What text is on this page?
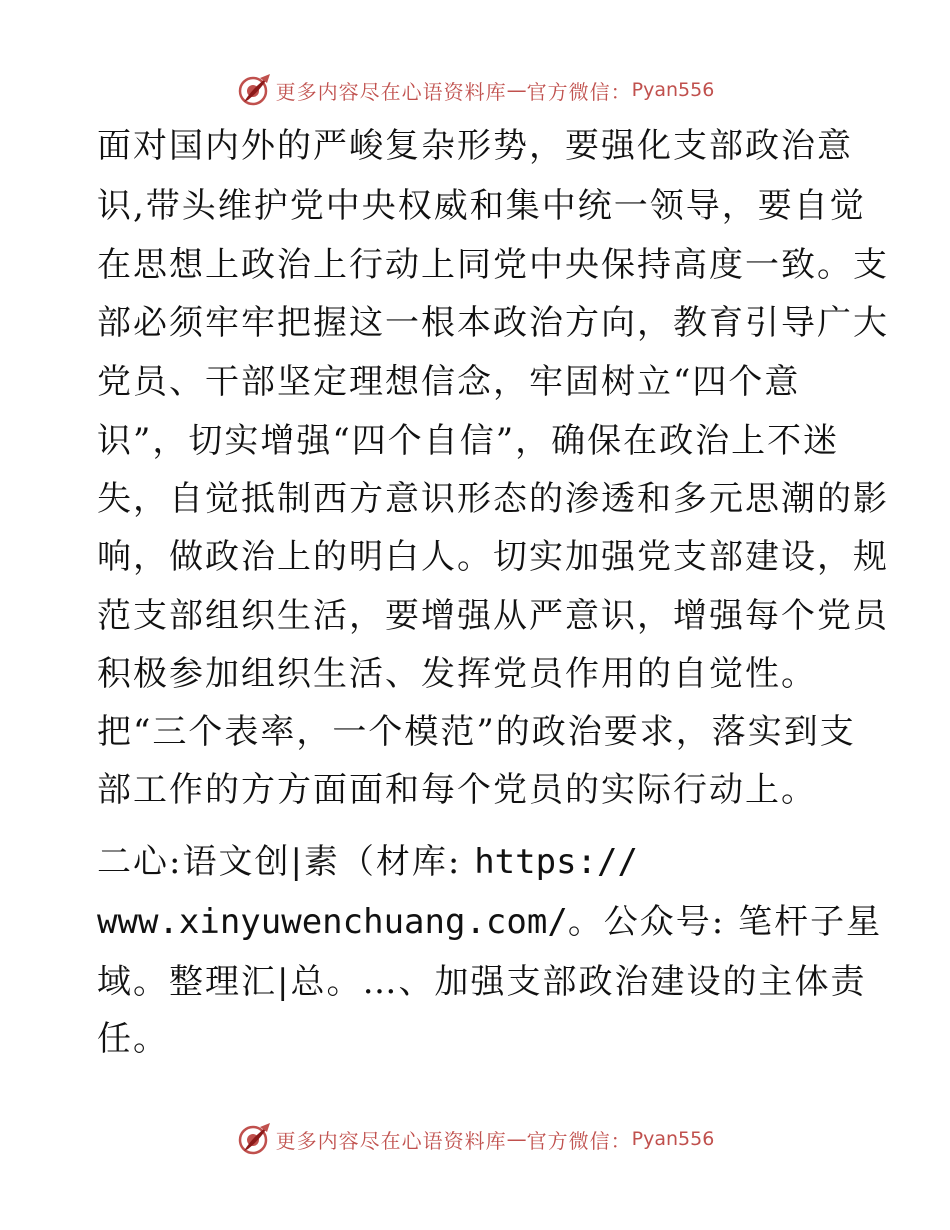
更多内容尽在心语资料库 — 官方微信： Pyan556
面对国内外的严峻复杂形势，要强化支部政治意
识,带头维护党中央权威和集中统一领导，要自觉
在思想上政治上行动上同党中央保持高度一致。支
部必须牢牢把握这一根本政治方向，教育引导广大
党员、干部坚定理想信念，牢固树立“四个意
识”，切实增强“四个自信”，确保在政治上不迷
失，自觉抵制西方意识形态的渗透和多元思潮的影
响，做政治上的明白人。切实加强党支部建设，规
范支部组织生活，要增强从严意识，增强每个党员
积极参加组织生活、发挥党员作用的自觉性。
把“三个表率，一个模范”的政治要求，落实到支
部工作的方方面面和每个党员的实际行动上。
二心:语文创|素（材库: https://
www.xinyuwenchuang.com/。公众号: 笔杆子星
域。整理汇|总。…、加强支部政治建设的主体责
任。
更多内容尽在心语资料库 — 官方微信： Pyan556
